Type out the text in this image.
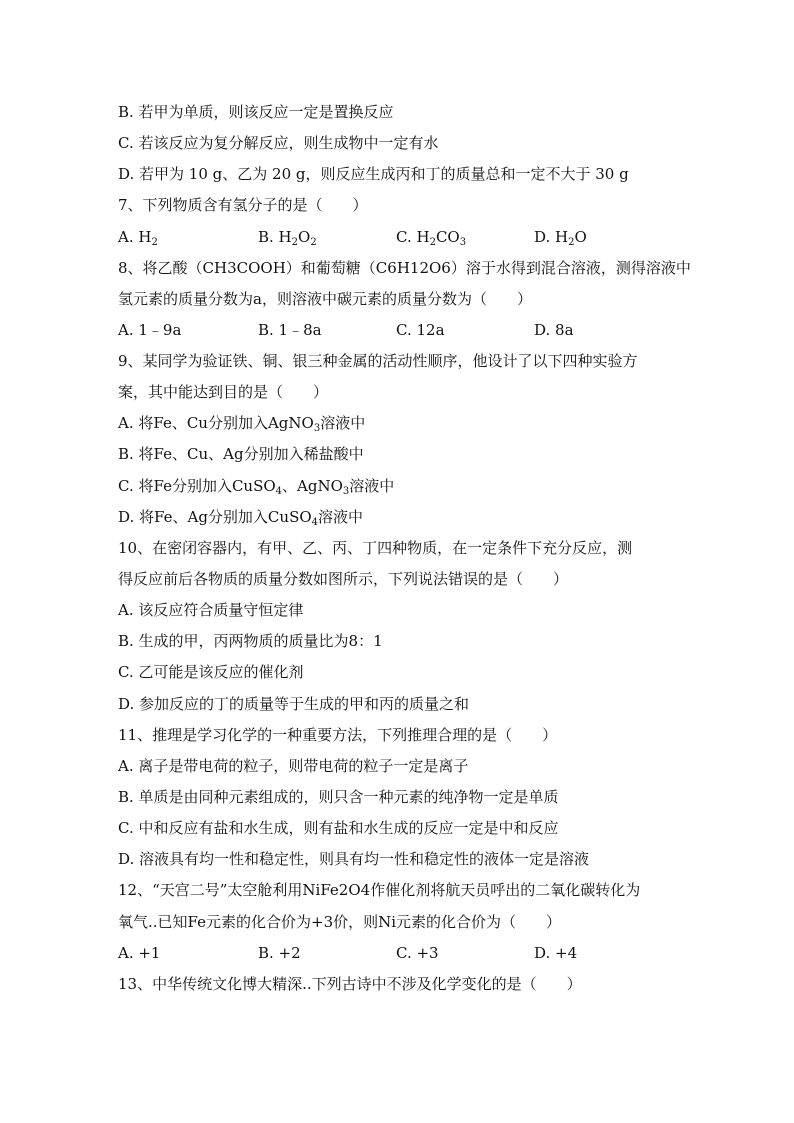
B. 若甲为单质，则该反应一定是置换反应
C. 若该反应为复分解反应，则生成物中一定有水
D. 若甲为 10 g、乙为 20 g，则反应生成丙和丁的质量总和一定不大于 30 g
7、下列物质含有氢分子的是（　　）
A. $H_2$	B. $H_2O_2$	C. $H_2CO_3$	D. $H_2O$
8、将乙酸（CH3COOH）和葡萄糖（C6H12O6）溶于水得到混合溶液，测得溶液中
氢元素的质量分数为a，则溶液中碳元素的质量分数为（　　）
A. 1﹣9a	B. 1﹣8a	C. 12a	D. 8a
9、某同学为验证铁、铜、银三种金属的活动性顺序，他设计了以下四种实验方
案，其中能达到目的是（　　）
A. 将Fe、Cu分别加入AgNO$_3$溶液中
B. 将Fe、Cu、Ag分别加入稀盐酸中
C. 将Fe分别加入CuSO$_4$、AgNO$_3$溶液中
D. 将Fe、Ag分别加入CuSO$_4$溶液中
10、在密闭容器内，有甲、乙、丙、丁四种物质，在一定条件下充分反应，测
得反应前后各物质的质量分数如图所示，下列说法错误的是（　　）
A. 该反应符合质量守恒定律
B. 生成的甲，丙两物质的质量比为8：1
C. 乙可能是该反应的催化剂
D. 参加反应的丁的质量等于生成的甲和丙的质量之和
11、推理是学习化学的一种重要方法，下列推理合理的是（　　）
A. 离子是带电荷的粒子，则带电荷的粒子一定是离子
B. 单质是由同种元素组成的，则只含一种元素的纯净物一定是单质
C. 中和反应有盐和水生成，则有盐和水生成的反应一定是中和反应
D. 溶液具有均一性和稳定性，则具有均一性和稳定性的液体一定是溶液
12、“天宫二号”太空舱利用NiFe2O4作催化剂将航天员呼出的二氧化碳转化为
氧气..已知Fe元素的化合价为+3价，则Ni元素的化合价为（　　）
A. +1	B. +2	C. +3	D. +4
13、中华传统文化博大精深..下列古诗中不涉及化学变化的是（　　）
